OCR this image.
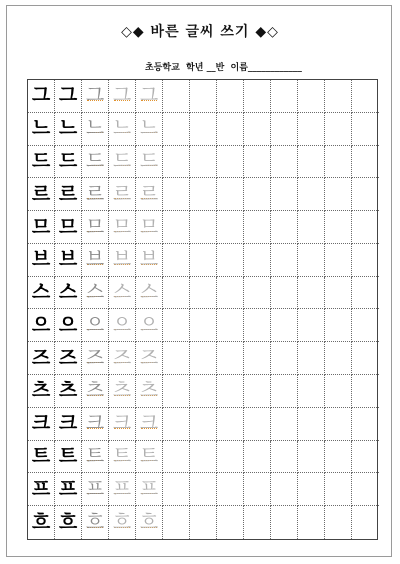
◇◆ 바른 글씨 쓰기 ◆◇
초등학교  학년 __반  이름____________
그 그 그 그 그
느 느 느 느 느
드 드 드 드 드
르 르 르 르 르
므 므 므 므 므
브 브 브 브 브
스 스 스 스 스
으 으 으 으 으
즈 즈 즈 즈 즈
츠 츠 츠 츠 츠
크 크 크 크 크
트 트 트 트 트
프 프 프 프 프
흐 흐 흐 흐 흐
